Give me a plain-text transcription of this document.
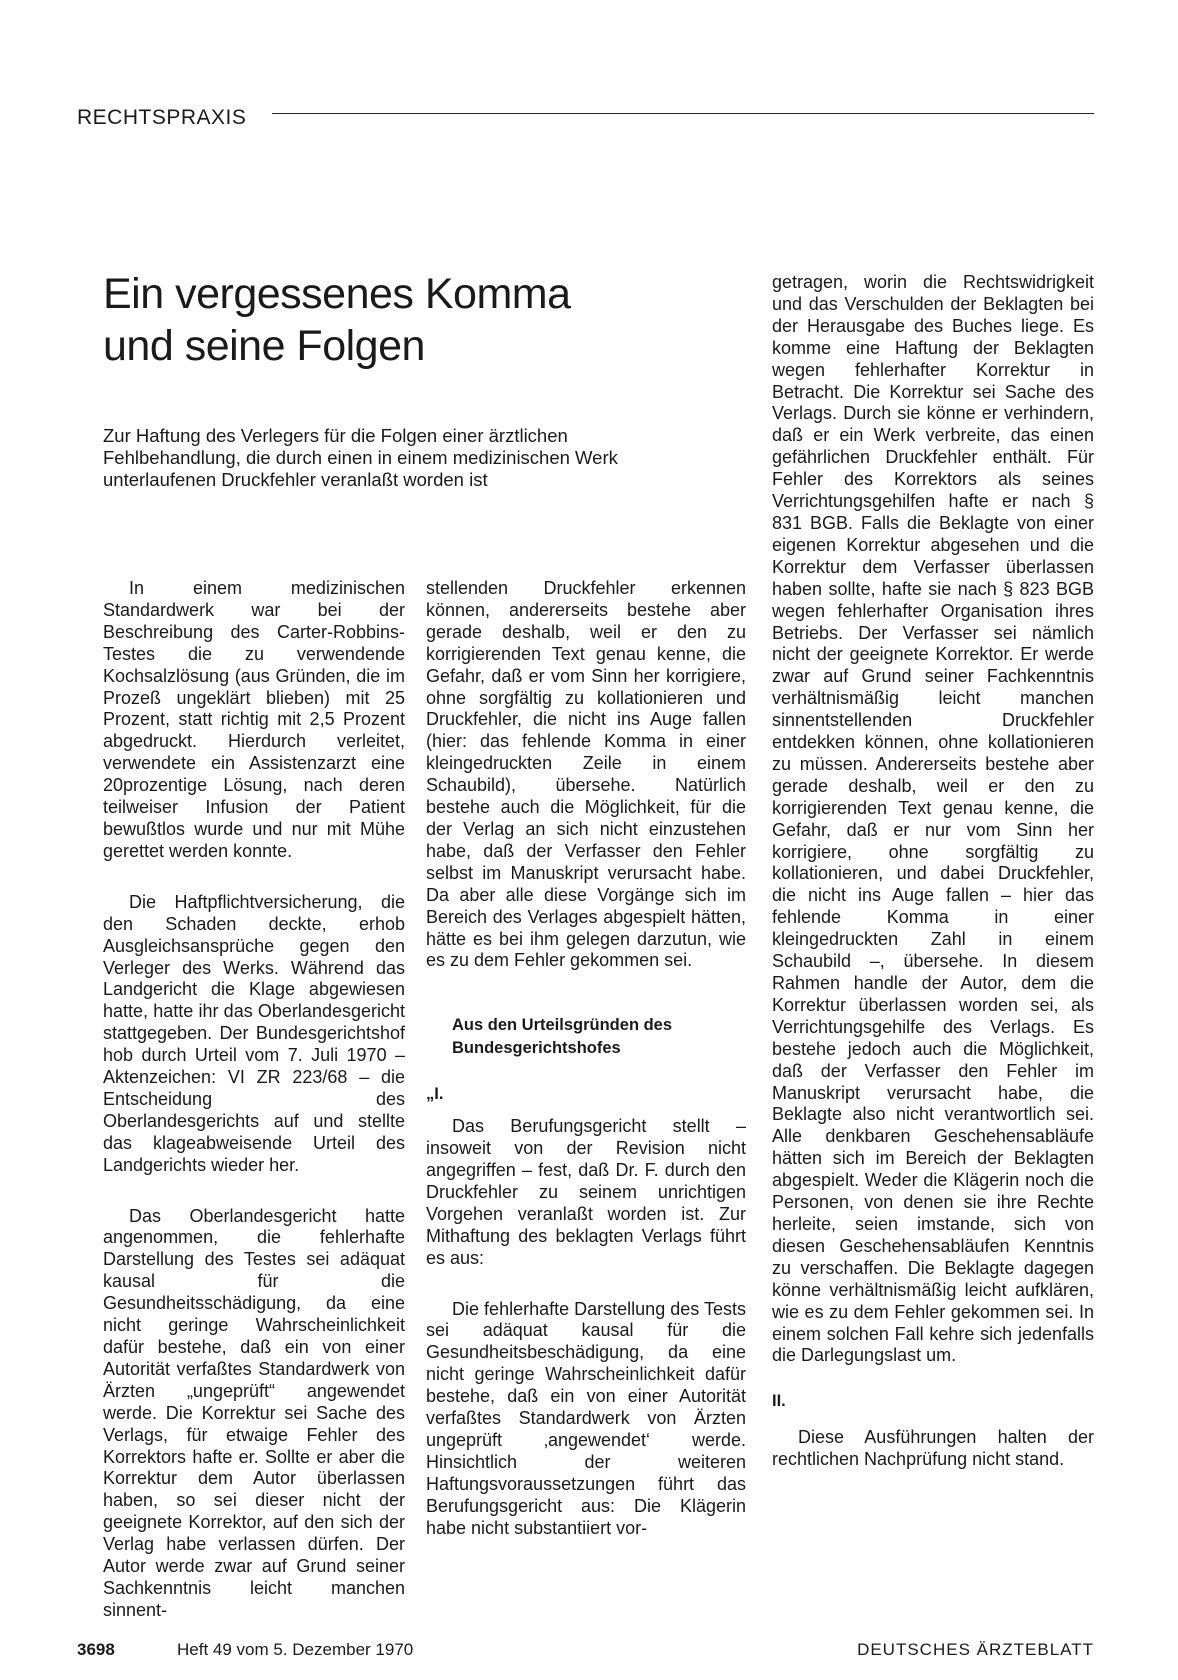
RECHTSPRAXIS
Ein vergessenes Komma
und seine Folgen

Zur Haftung des Verlegers für die Folgen einer ärztlichen Fehlbehandlung, die durch einen in einem medizinischen Werk unterlaufenen Druckfehler veranlaßt worden ist

In einem medizinischen Standardwerk war bei der Beschreibung des Carter-Robbins-Testes die zu verwendende Kochsalzlösung (aus Gründen, die im Prozeß ungeklärt blieben) mit 25 Prozent, statt richtig mit 2,5 Prozent abgedruckt. Hierdurch verleitet, verwendete ein Assistenzarzt eine 20prozentige Lösung, nach deren teilweiser Infusion der Patient bewußtlos wurde und nur mit Mühe gerettet werden konnte.

Die Haftpflichtversicherung, die den Schaden deckte, erhob Ausgleichsansprüche gegen den Verleger des Werks. Während das Landgericht die Klage abgewiesen hatte, hatte ihr das Oberlandesgericht stattgegeben. Der Bundesgerichtshof hob durch Urteil vom 7. Juli 1970 – Aktenzeichen: VI ZR 223/68 – die Entscheidung des Oberlandesgerichts auf und stellte das klageabweisende Urteil des Landgerichts wieder her.

Das Oberlandesgericht hatte angenommen, die fehlerhafte Darstellung des Testes sei adäquat kausal für die Gesundheitsschädigung, da eine nicht geringe Wahrscheinlichkeit dafür bestehe, daß ein von einer Autorität verfaßtes Standardwerk von Ärzten „ungeprüft“ angewendet werde. Die Korrektur sei Sache des Verlags, für etwaige Fehler des Korrektors hafte er. Sollte er aber die Korrektur dem Autor überlassen haben, so sei dieser nicht der geeignete Korrektor, auf den sich der Verlag habe verlassen dürfen. Der Autor werde zwar auf Grund seiner Sachkenntnis leicht manchen sinnent-

stellenden Druckfehler erkennen können, andererseits bestehe aber gerade deshalb, weil er den zu korrigierenden Text genau kenne, die Gefahr, daß er vom Sinn her korrigiere, ohne sorgfältig zu kollationieren und Druckfehler, die nicht ins Auge fallen (hier: das fehlende Komma in einer kleingedruckten Zeile in einem Schaubild), übersehe. Natürlich bestehe auch die Möglichkeit, für die der Verlag an sich nicht einzustehen habe, daß der Verfasser den Fehler selbst im Manuskript verursacht habe. Da aber alle diese Vorgänge sich im Bereich des Verlages abgespielt hätten, hätte es bei ihm gelegen darzutun, wie es zu dem Fehler gekommen sei.

Aus den Urteilsgründen des Bundesgerichtshofes

„I.

Das Berufungsgericht stellt – insoweit von der Revision nicht angegriffen – fest, daß Dr. F. durch den Druckfehler zu seinem unrichtigen Vorgehen veranlaßt worden ist. Zur Mithaftung des beklagten Verlags führt es aus:

Die fehlerhafte Darstellung des Tests sei adäquat kausal für die Gesundheitsbeschädigung, da eine nicht geringe Wahrscheinlichkeit dafür bestehe, daß ein von einer Autorität verfaßtes Standardwerk von Ärzten ungeprüft ‚angewendet‘ werde. Hinsichtlich der weiteren Haftungsvoraussetzungen führt das Berufungsgericht aus: Die Klägerin habe nicht substantiiert vor-

getragen, worin die Rechtswidrigkeit und das Verschulden der Beklagten bei der Herausgabe des Buches liege. Es komme eine Haftung der Beklagten wegen fehlerhafter Korrektur in Betracht. Die Korrektur sei Sache des Verlags. Durch sie könne er verhindern, daß er ein Werk verbreite, das einen gefährlichen Druckfehler enthält. Für Fehler des Korrektors als seines Verrichtungsgehilfen hafte er nach § 831 BGB. Falls die Beklagte von einer eigenen Korrektur abgesehen und die Korrektur dem Verfasser überlassen haben sollte, hafte sie nach § 823 BGB wegen fehlerhafter Organisation ihres Betriebs. Der Verfasser sei nämlich nicht der geeignete Korrektor. Er werde zwar auf Grund seiner Fachkenntnis verhältnismäßig leicht manchen sinnentstellenden Druckfehler entdekken können, ohne kollationieren zu müssen. Andererseits bestehe aber gerade deshalb, weil er den zu korrigierenden Text genau kenne, die Gefahr, daß er nur vom Sinn her korrigiere, ohne sorgfältig zu kollationieren, und dabei Druckfehler, die nicht ins Auge fallen – hier das fehlende Komma in einer kleingedruckten Zahl in einem Schaubild –, übersehe. In diesem Rahmen handle der Autor, dem die Korrektur überlassen worden sei, als Verrichtungsgehilfe des Verlags. Es bestehe jedoch auch die Möglichkeit, daß der Verfasser den Fehler im Manuskript verursacht habe, die Beklagte also nicht verantwortlich sei. Alle denkbaren Geschehensabläufe hätten sich im Bereich der Beklagten abgespielt. Weder die Klägerin noch die Personen, von denen sie ihre Rechte herleite, seien imstande, sich von diesen Geschehensabläufen Kenntnis zu verschaffen. Die Beklagte dagegen könne verhältnismäßig leicht aufklären, wie es zu dem Fehler gekommen sei. In einem solchen Fall kehre sich jedenfalls die Darlegungslast um.

II.

Diese Ausführungen halten der rechtlichen Nachprüfung nicht stand.

3698	Heft 49 vom 5. Dezember 1970	DEUTSCHES ÄRZTEBLATT
